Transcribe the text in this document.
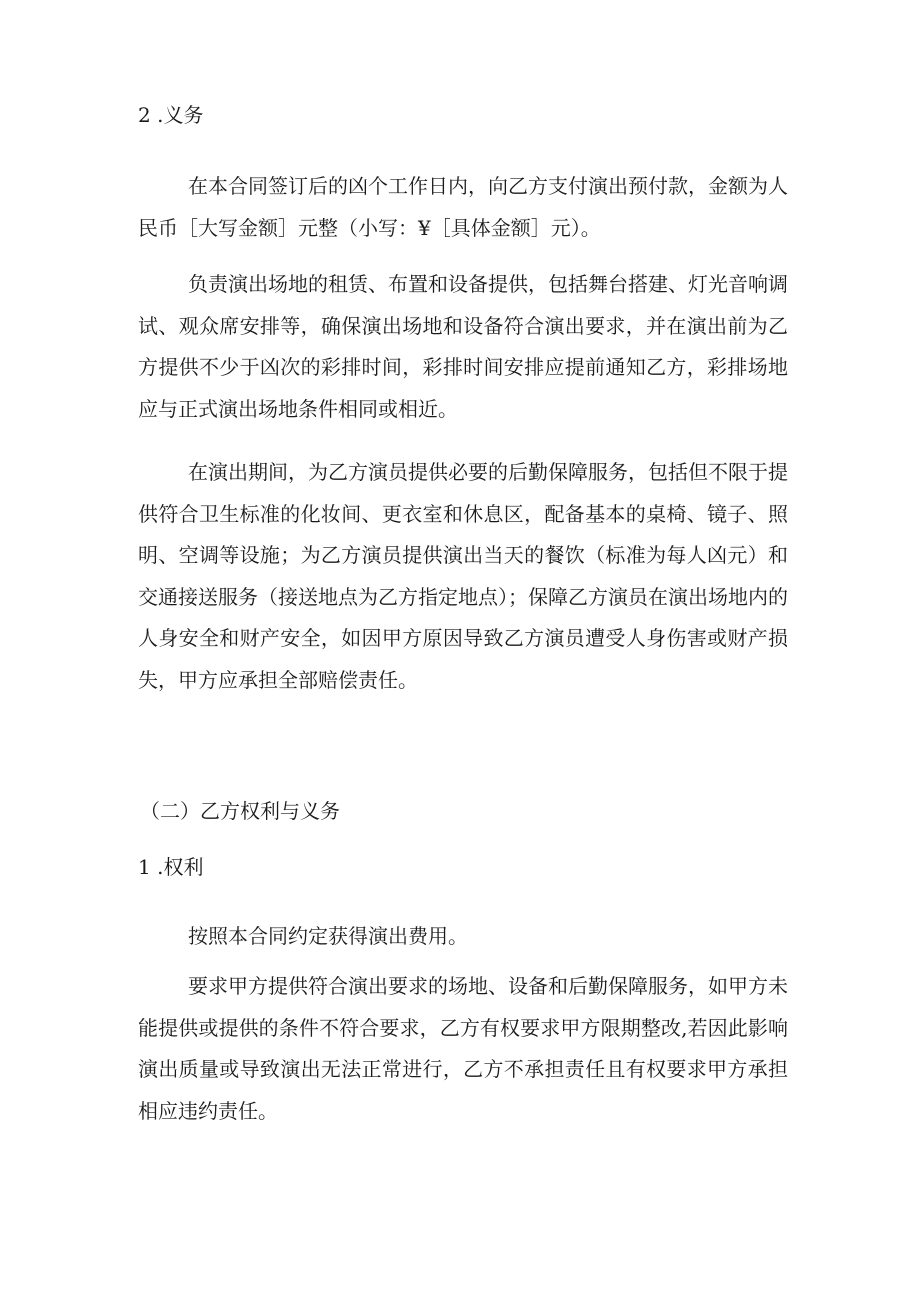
2 .义务

在本合同签订后的凶个工作日内，向乙方支付演出预付款，金额为人民币［大写金额］元整（小写：¥［具体金额］元）。

负责演出场地的租赁、布置和设备提供，包括舞台搭建、灯光音响调试、观众席安排等，确保演出场地和设备符合演出要求，并在演出前为乙方提供不少于凶次的彩排时间，彩排时间安排应提前通知乙方，彩排场地应与正式演出场地条件相同或相近。

在演出期间，为乙方演员提供必要的后勤保障服务，包括但不限于提供符合卫生标准的化妆间、更衣室和休息区，配备基本的桌椅、镜子、照明、空调等设施；为乙方演员提供演出当天的餐饮（标准为每人凶元）和交通接送服务（接送地点为乙方指定地点）；保障乙方演员在演出场地内的人身安全和财产安全，如因甲方原因导致乙方演员遭受人身伤害或财产损失，甲方应承担全部赔偿责任。

（二）乙方权利与义务
1 .权利

按照本合同约定获得演出费用。

要求甲方提供符合演出要求的场地、设备和后勤保障服务，如甲方未能提供或提供的条件不符合要求，乙方有权要求甲方限期整改,若因此影响演出质量或导致演出无法正常进行，乙方不承担责任且有权要求甲方承担相应违约责任。
